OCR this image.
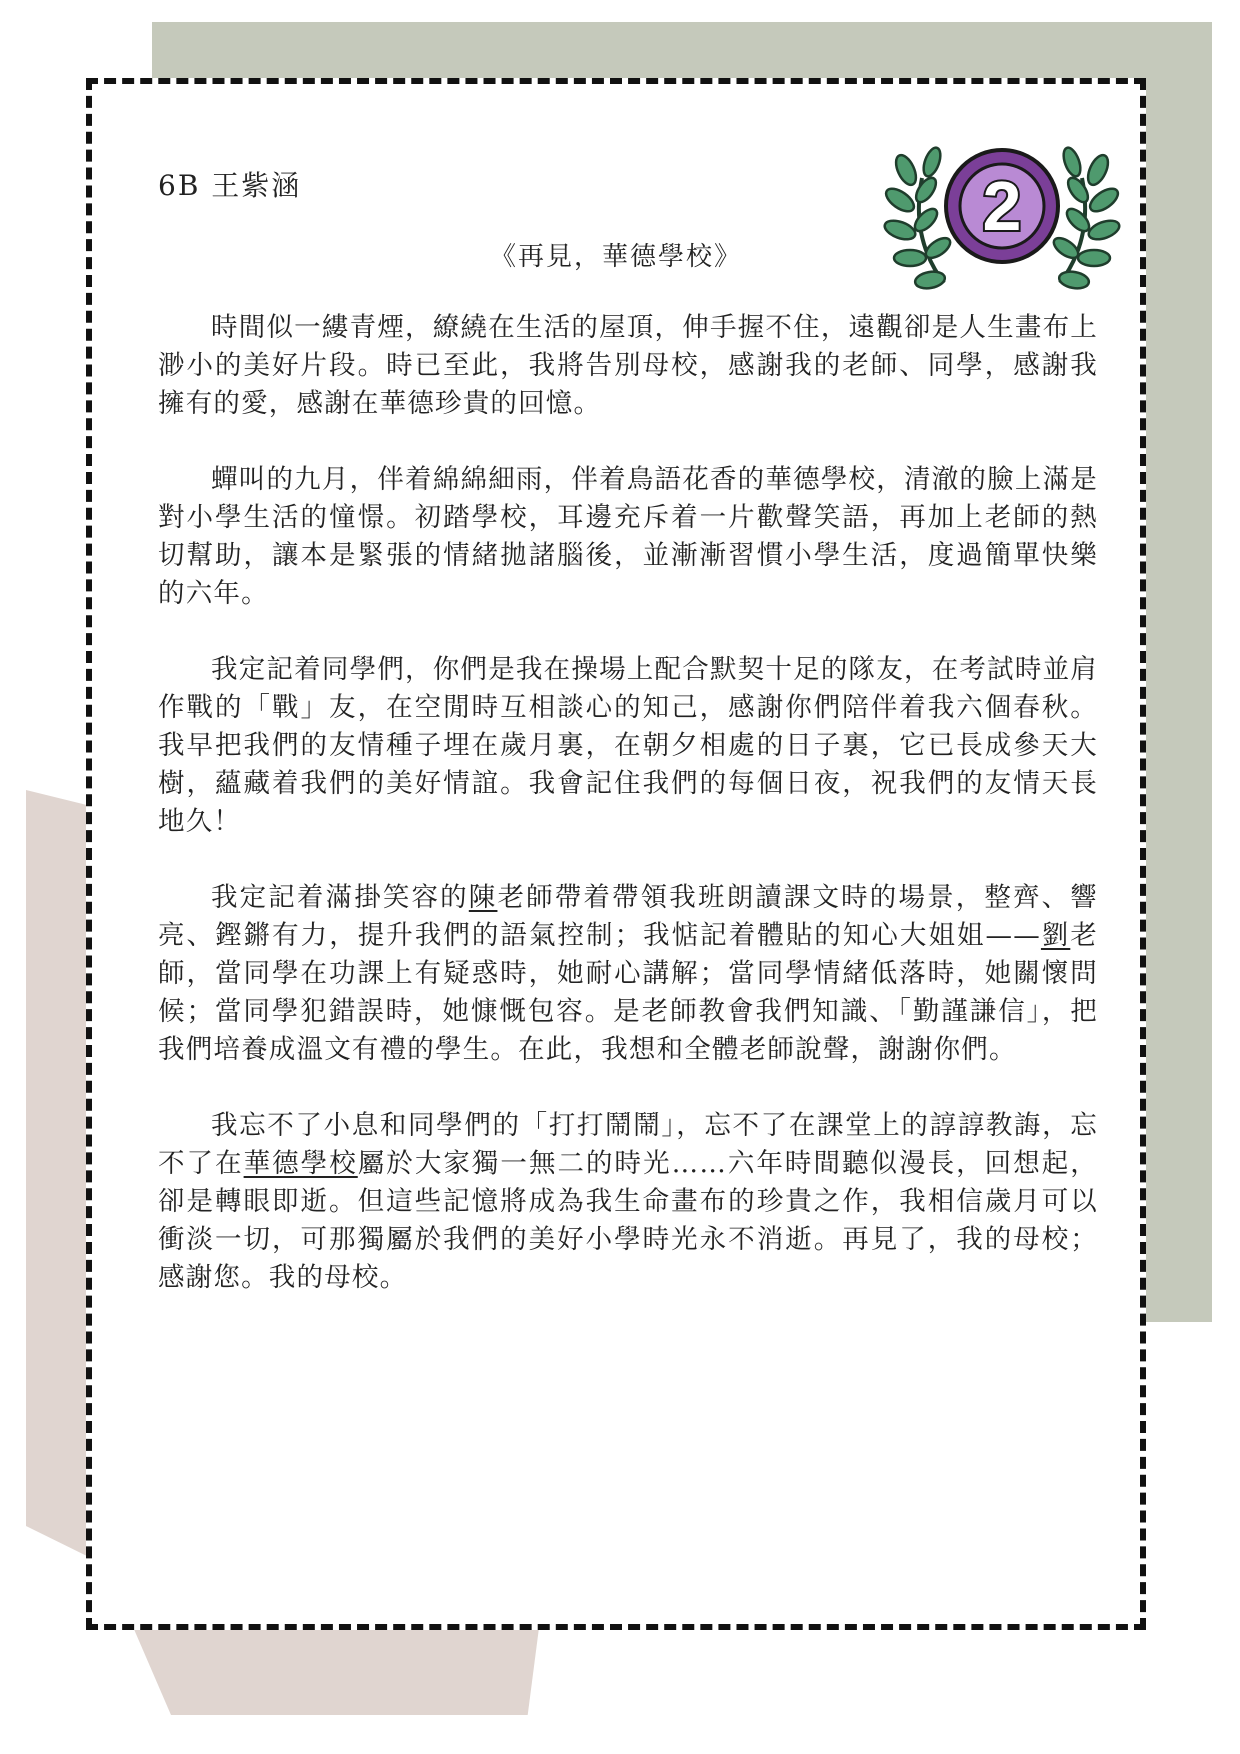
6B 王紫涵	2
《再見，華德學校》

時間似一縷青煙，繚繞在生活的屋頂，伸手握不住，遠觀卻是人生畫布上渺小的美好片段。時已至此，我將告別母校，感謝我的老師、同學，感謝我擁有的愛，感謝在華德珍貴的回憶。

蟬叫的九月，伴着綿綿細雨，伴着鳥語花香的華德學校，清澈的臉上滿是對小學生活的憧憬。初踏學校，耳邊充斥着一片歡聲笑語，再加上老師的熱切幫助，讓本是緊張的情緒拋諸腦後，並漸漸習慣小學生活，度過簡單快樂的六年。

我定記着同學們，你們是我在操場上配合默契十足的隊友，在考試時並肩作戰的「戰」友，在空閒時互相談心的知己，感謝你們陪伴着我六個春秋。我早把我們的友情種子埋在歲月裏，在朝夕相處的日子裏，它已長成參天大樹，蘊藏着我們的美好情誼。我會記住我們的每個日夜，祝我們的友情天長地久！

我定記着滿掛笑容的陳老師帶着帶領我班朗讀課文時的場景，整齊、響亮、鏗鏘有力，提升我們的語氣控制；我惦記着體貼的知心大姐姐——劉老師，當同學在功課上有疑惑時，她耐心講解；當同學情緒低落時，她關懷問候；當同學犯錯誤時，她慷慨包容。是老師教會我們知識、「勤謹謙信」，把我們培養成溫文有禮的學生。在此，我想和全體老師說聲，謝謝你們。

我忘不了小息和同學們的「打打鬧鬧」，忘不了在課堂上的諄諄教誨，忘不了在華德學校屬於大家獨一無二的時光……六年時間聽似漫長，回想起，卻是轉眼即逝。但這些記憶將成為我生命畫布的珍貴之作，我相信歲月可以衝淡一切，可那獨屬於我們的美好小學時光永不消逝。再見了，我的母校；感謝您。我的母校。
